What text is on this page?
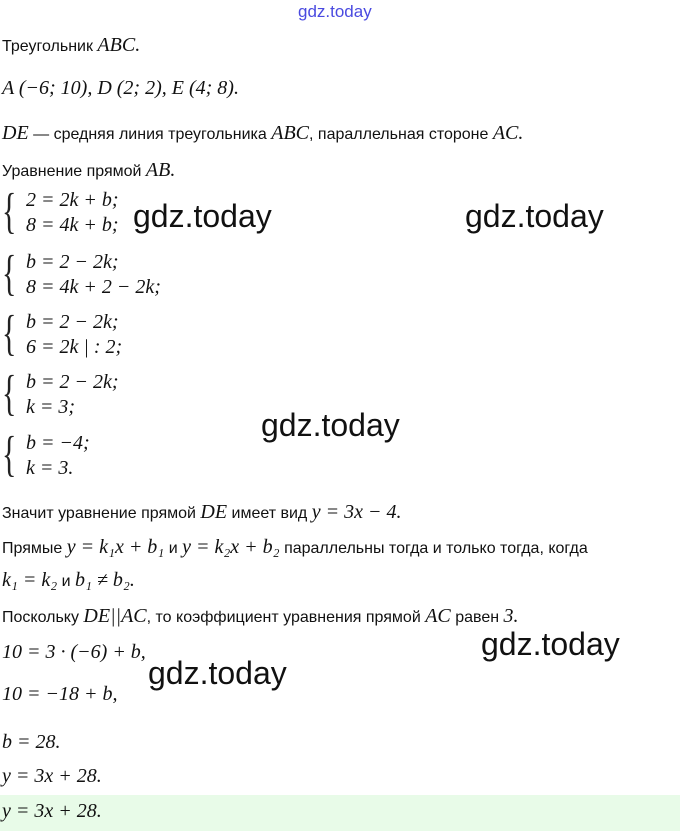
gdz.today
Треугольник ABC.
A (−6; 10), D (2; 2), E (4; 8).
DE — средняя линия треугольника ABC, параллельная стороне AC.
Уравнение прямой AB.
Значит уравнение прямой DE имеет вид y = 3x − 4.
Прямые y = k₁x + b₁ и y = k₂x + b₂ параллельны тогда и только тогда, когда
k₁ = k₂ и b₁ ≠ b₂.
Поскольку DE||AC, то коэффициент уравнения прямой AC равен 3.
10 = 3 · (−6) + b,
10 = −18 + b,
b = 28.
y = 3x + 28.
{ 2 = 2k + b;
8 = 4k + b;
{ b = 2 − 2k;
8 = 4k + 2 − 2k;
{ b = 2 − 2k;
6 = 2k | : 2;
{ b = 2 − 2k;
k = 3;
{ b = −4;
k = 3.
gdz.today	gdz.today
gdz.today
gdz.today
gdz.today
y = 3x + 28.
